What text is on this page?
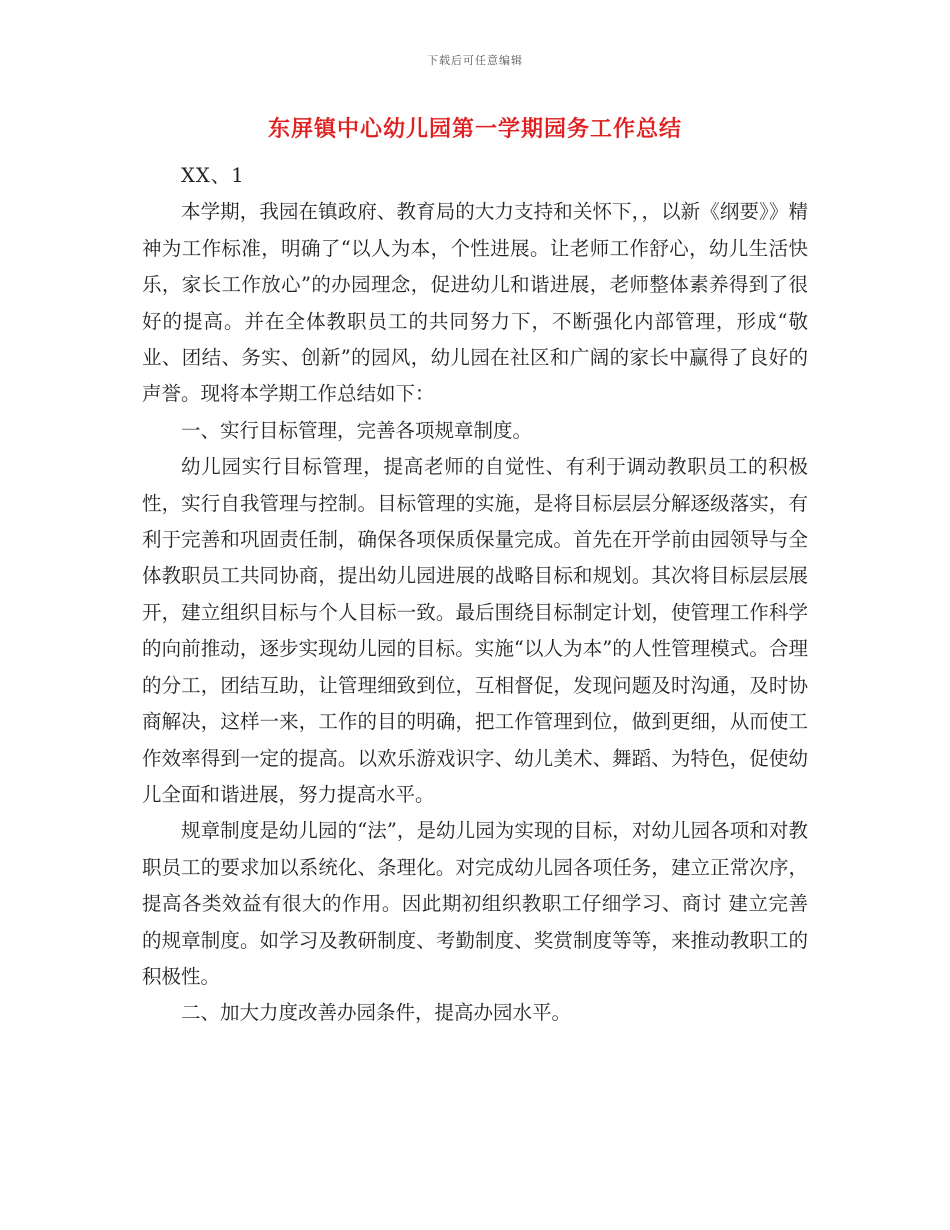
下载后可任意编辑
东屏镇中心幼儿园第一学期园务工作总结

XX、1

本学期，我园在镇政府、教育局的大力支持和关怀下，，以新《纲要》》精神为工作标准，明确了“以人为本，个性进展。让老师工作舒心，幼儿生活快乐，家长工作放心”的办园理念，促进幼儿和谐进展，老师整体素养得到了很好的提高。并在全体教职员工的共同努力下，不断强化内部管理，形成“敬业、团结、务实、创新”的园风，幼儿园在社区和广阔的家长中赢得了良好的声誉。现将本学期工作总结如下：

一、实行目标管理，完善各项规章制度。

幼儿园实行目标管理，提高老师的自觉性、有利于调动教职员工的积极性，实行自我管理与控制。目标管理的实施，是将目标层层分解逐级落实，有利于完善和巩固责任制，确保各项保质保量完成。首先在开学前由园领导与全体教职员工共同协商，提出幼儿园进展的战略目标和规划。其次将目标层层展开，建立组织目标与个人目标一致。最后围绕目标制定计划，使管理工作科学的向前推动，逐步实现幼儿园的目标。实施“以人为本”的人性管理模式。合理的分工，团结互助，让管理细致到位，互相督促，发现问题及时沟通，及时协商解决，这样一来，工作的目的明确，把工作管理到位，做到更细，从而使工作效率得到一定的提高。以欢乐游戏识字、幼儿美术、舞蹈、为特色，促使幼儿全面和谐进展，努力提高水平。

规章制度是幼儿园的“法”，是幼儿园为实现的目标，对幼儿园各项和对教职员工的要求加以系统化、条理化。对完成幼儿园各项任务，建立正常次序，提高各类效益有很大的作用。因此期初组织教职工仔细学习、商讨 建立完善的规章制度。如学习及教研制度、考勤制度、奖赏制度等等，来推动教职工的积极性。

二、加大力度改善办园条件，提高办园水平。
